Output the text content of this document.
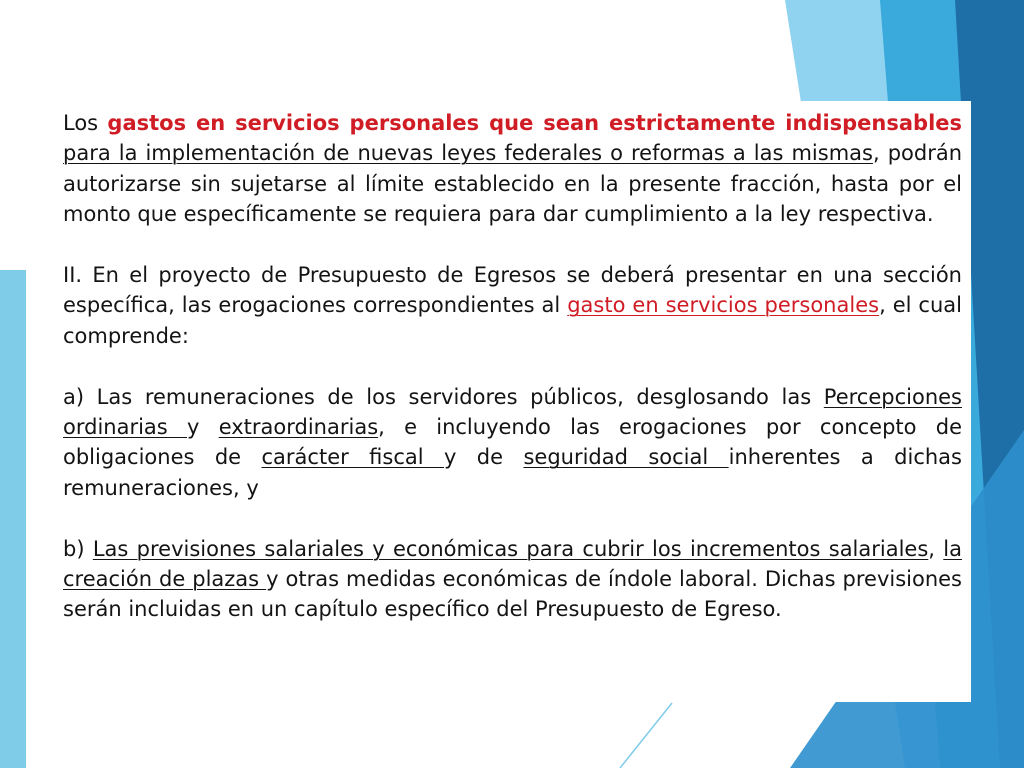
Los gastos en servicios personales que sean estrictamente indispensables para la implementación de nuevas leyes federales o reformas a las mismas, podrán autorizarse sin sujetarse al límite establecido en la presente fracción, hasta por el monto que específicamente se requiera para dar cumplimiento a la ley respectiva.

II. En el proyecto de Presupuesto de Egresos se deberá presentar en una sección específica, las erogaciones correspondientes al gasto en servicios personales, el cual comprende:

a) Las remuneraciones de los servidores públicos, desglosando las Percepciones ordinarias y extraordinarias, e incluyendo las erogaciones por concepto de obligaciones de carácter fiscal y de seguridad social inherentes a dichas remuneraciones, y

b) Las previsiones salariales y económicas para cubrir los incrementos salariales, la creación de plazas y otras medidas económicas de índole laboral. Dichas previsiones serán incluidas en un capítulo específico del Presupuesto de Egreso.
